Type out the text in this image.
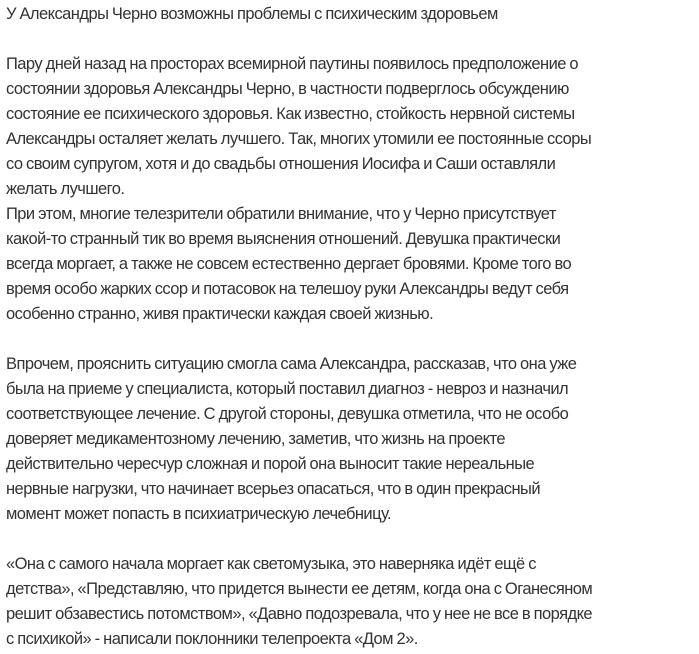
У Александры Черно возможны проблемы с психическим здоровьем
Пару дней назад на просторах всемирной паутины появилось предположение о
состоянии здоровья Александры Черно, в частности подверглось обсуждению
состояние ее психического здоровья. Как известно, стойкость нервной системы
Александры осталяет желать лучшего. Так, многих утомили ее постоянные ссоры
со своим супругом, хотя и до свадьбы отношения Иосифа и Саши оставляли
желать лучшего.
При этом, многие телезрители обратили внимание, что у Черно присутствует
какой-то странный тик во время выяснения отношений. Девушка практически
всегда моргает, а также не совсем естественно дергает бровями. Кроме того во
время особо жарких ссор и потасовок на телешоу руки Александры ведут себя
особенно странно, живя практически каждая своей жизнью.
Впрочем, прояснить ситуацию смогла сама Александра, рассказав, что она уже
была на приеме у специалиста, который поставил диагноз - невроз и назначил
соответствующее лечение. С другой стороны, девушка отметила, что не особо
доверяет медикаментозному лечению, заметив, что жизнь на проекте
действительно чересчур сложная и порой она выносит такие нереальные
нервные нагрузки, что начинает всерьез опасаться, что в один прекрасный
момент может попасть в психиатрическую лечебницу.
«Она с самого начала моргает как светомузыка, это наверняка идёт ещё с
детства», «Представляю, что придется вынести ее детям, когда она с Оганесяном
решит обзавестись потомством», «Давно подозревала, что у нее не все в порядке
с психикой» - написали поклонники телепроекта «Дом 2».
